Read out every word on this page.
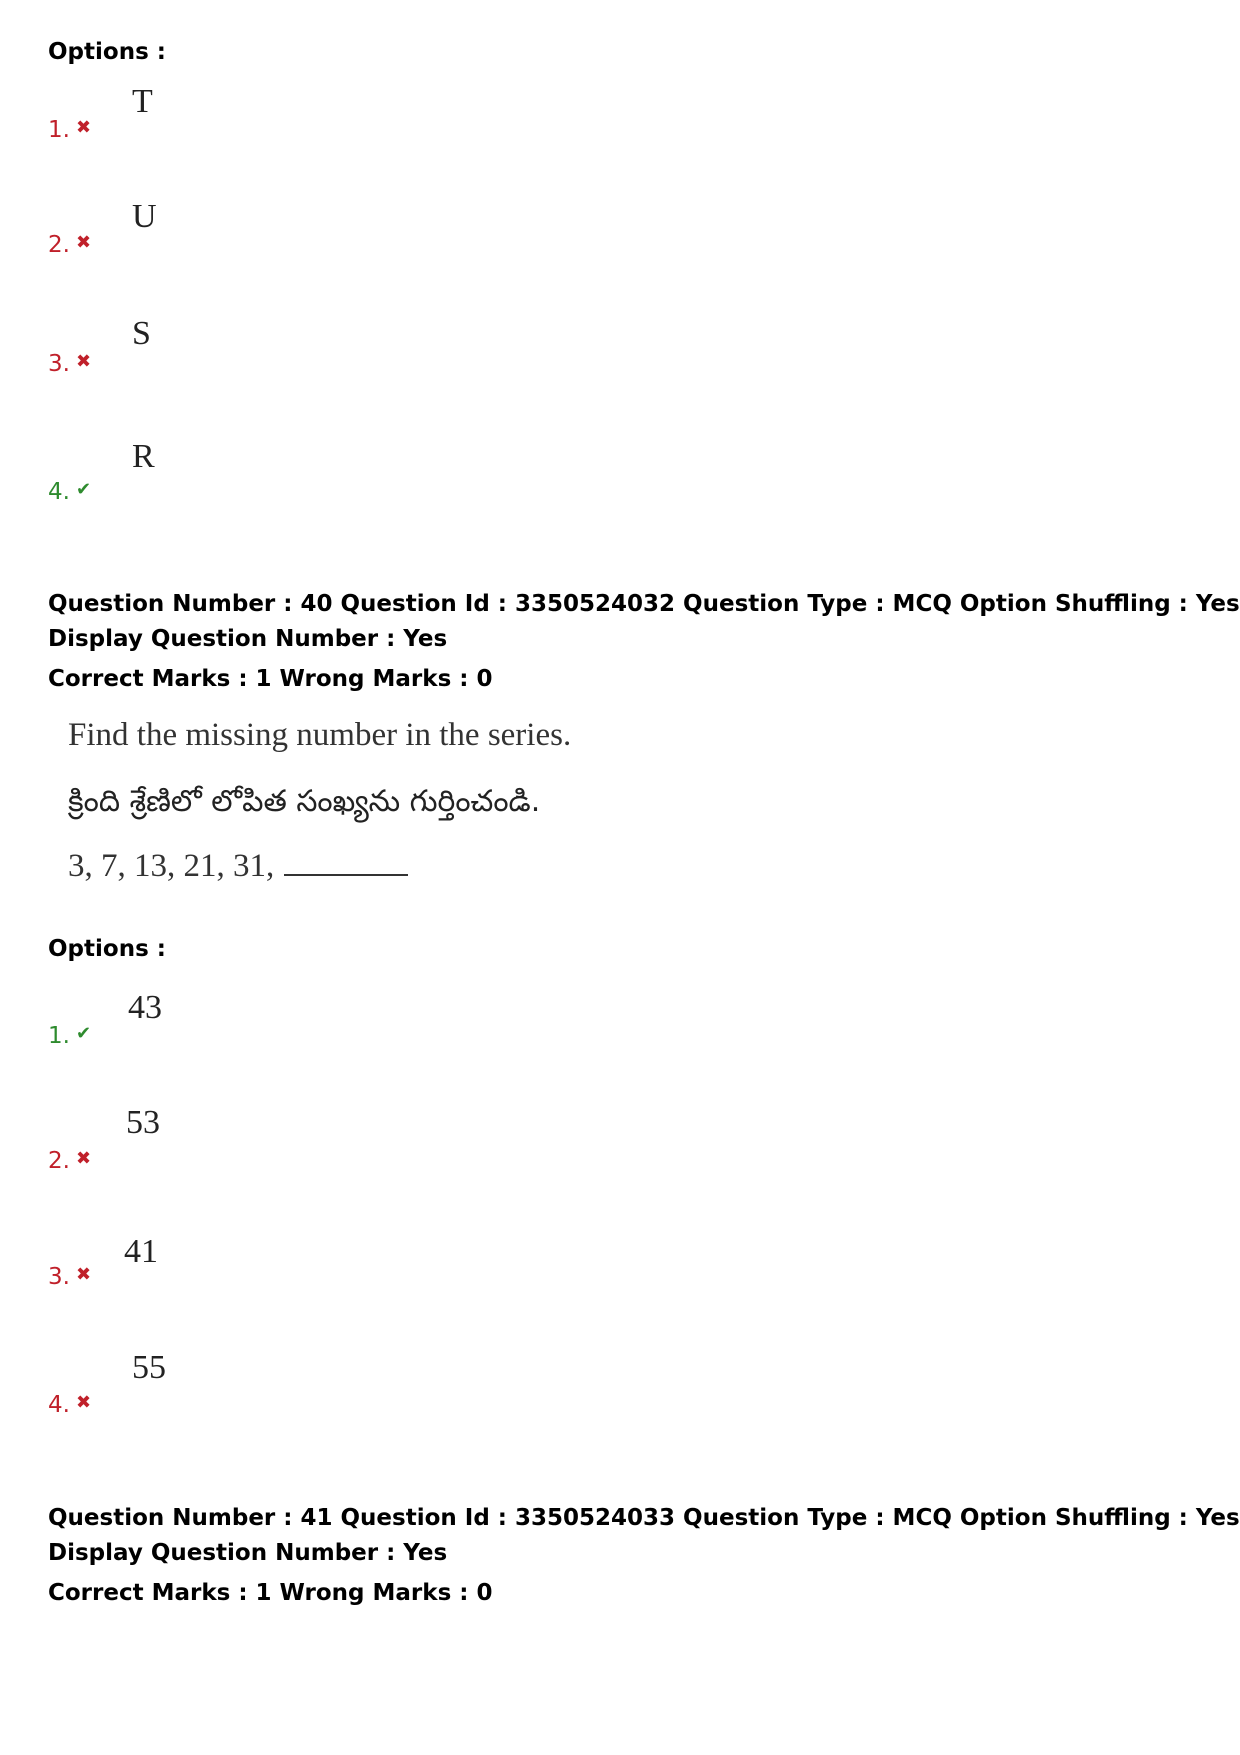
Options :
1. ✖
T
2. ✖
U
3. ✖
S
4. ✔
R
Question Number : 40 Question Id : 3350524032 Question Type : MCQ Option Shuffling : Yes
Display Question Number : Yes
Correct Marks : 1 Wrong Marks : 0
Find the missing number in the series.
క్రింది శ్రేణిలో లోపిత సంఖ్యను గుర్తించండి.
3, 7, 13, 21, 31,
Options :
1. ✔
43
2. ✖
53
3. ✖
41
4. ✖
55
Question Number : 41 Question Id : 3350524033 Question Type : MCQ Option Shuffling : Yes
Display Question Number : Yes
Correct Marks : 1 Wrong Marks : 0
